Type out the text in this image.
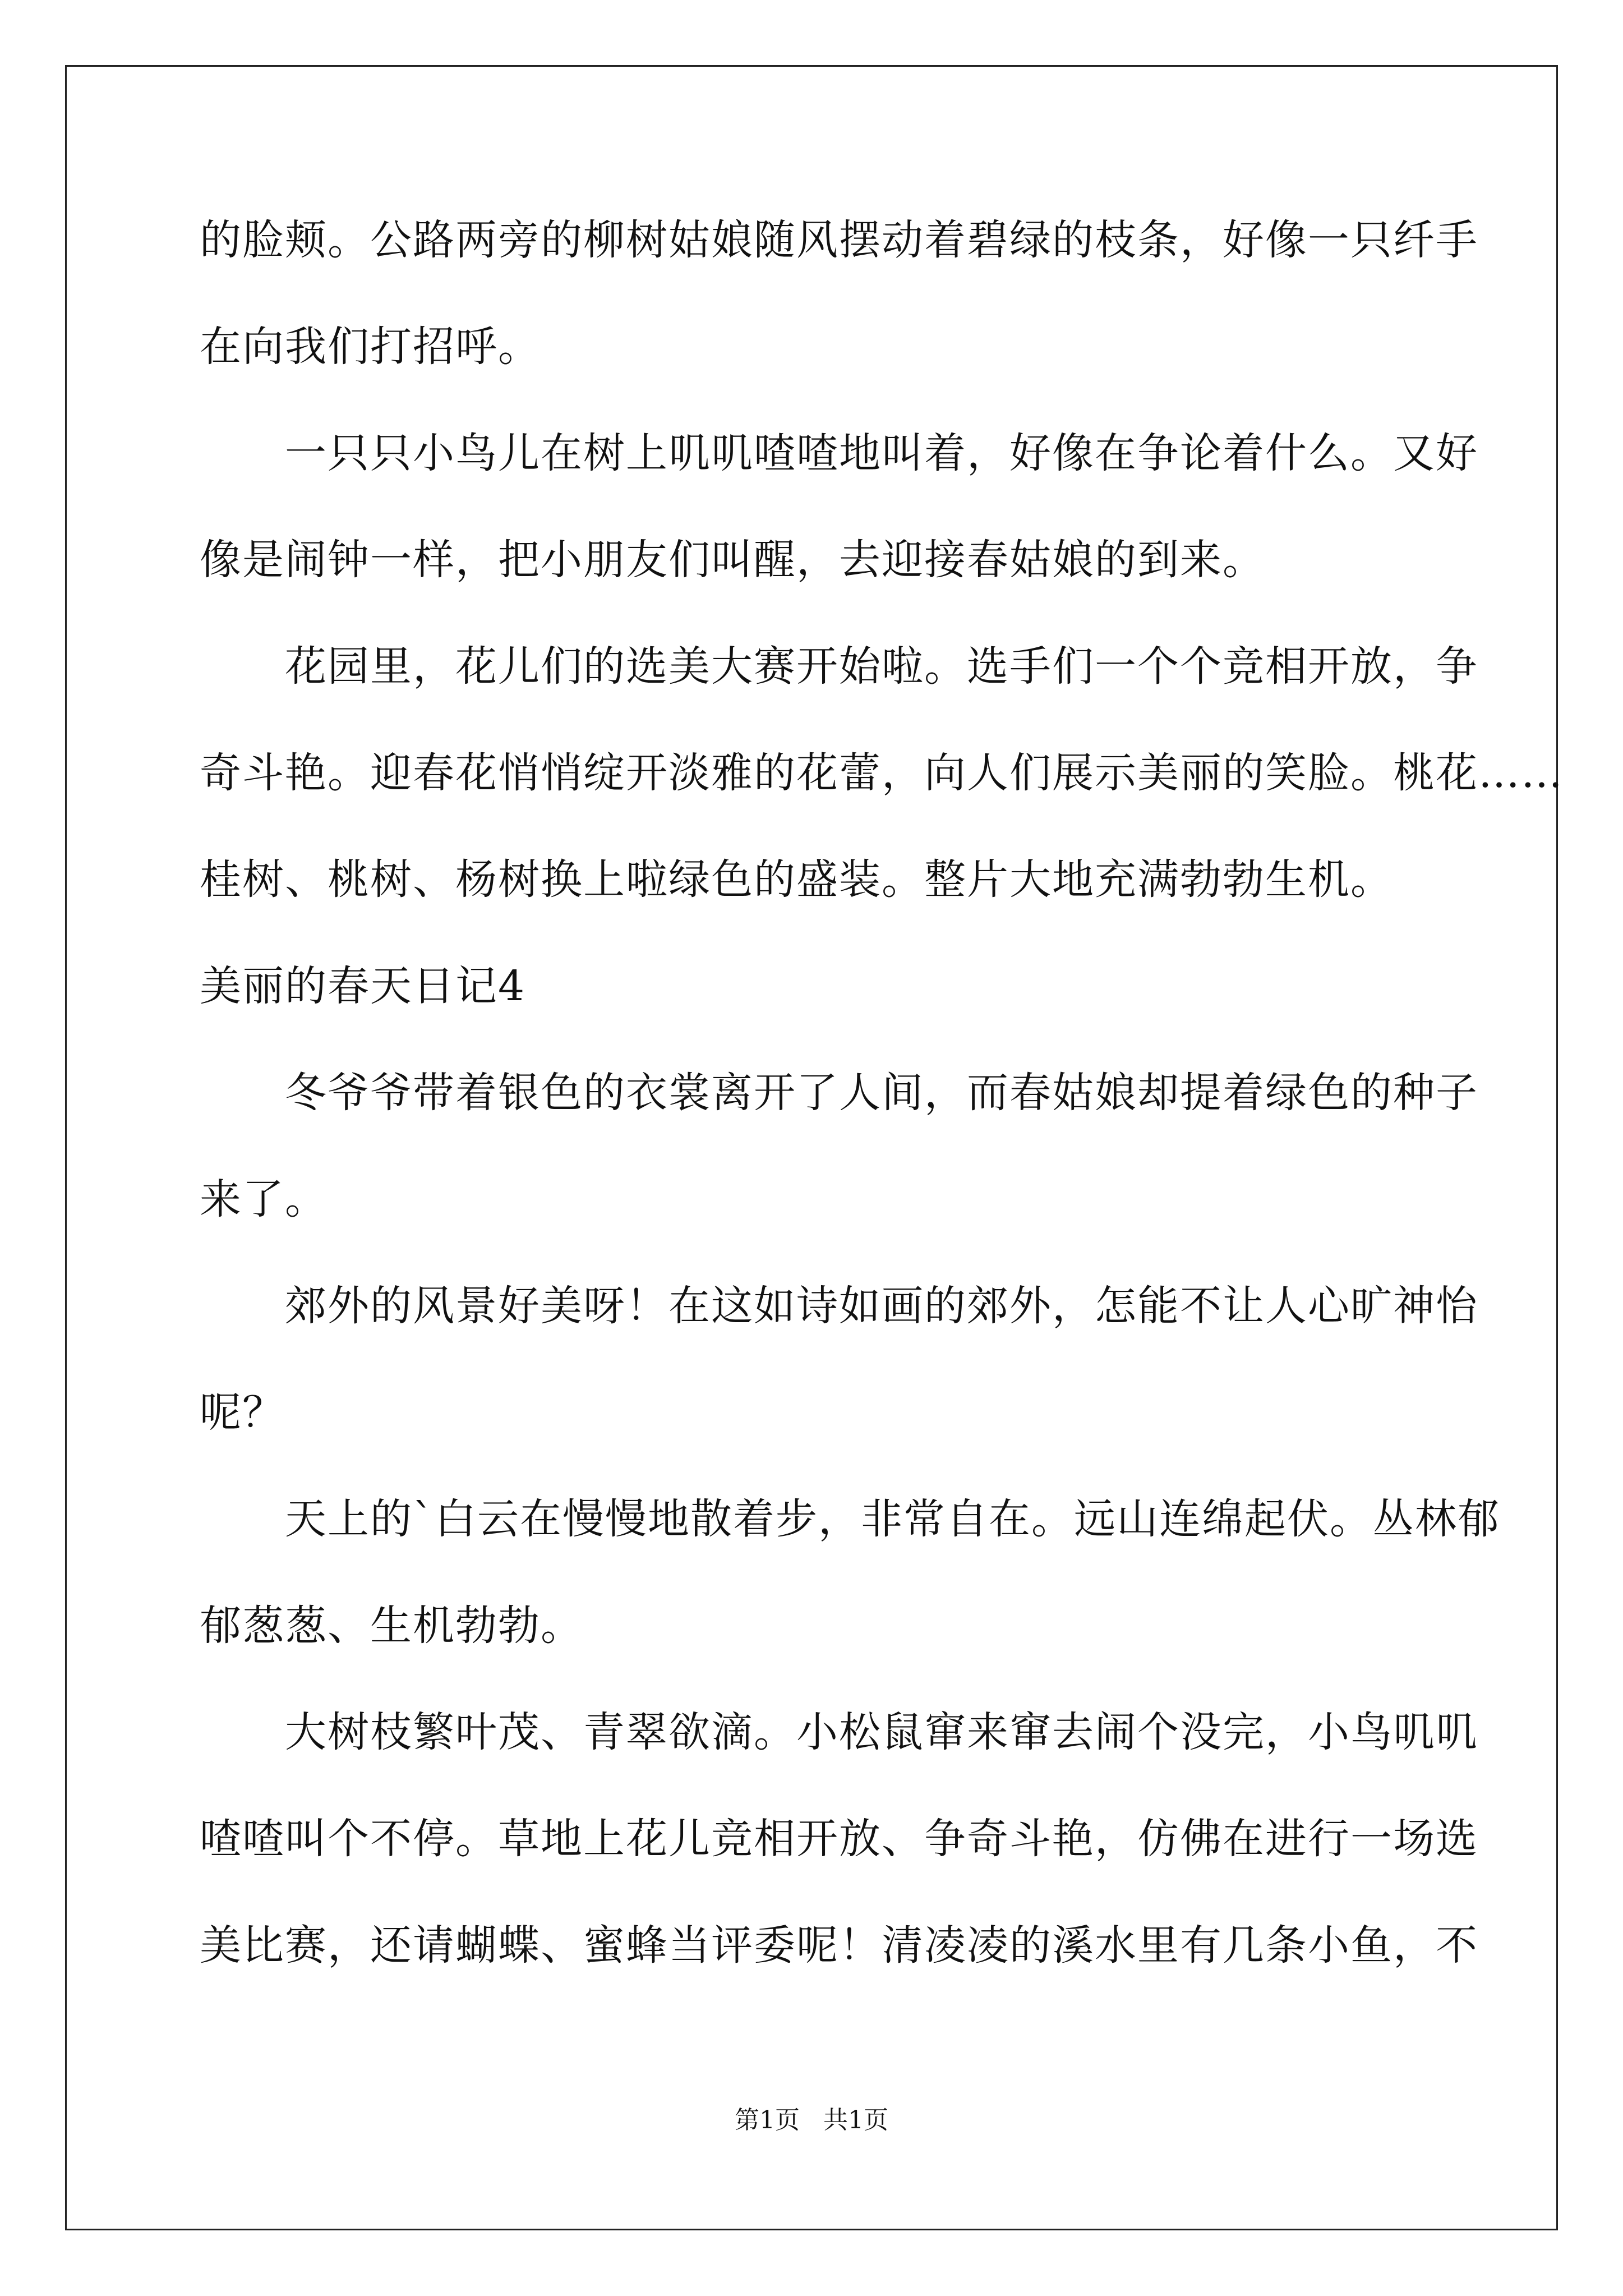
的脸颊。公路两旁的柳树姑娘随风摆动着碧绿的枝条，好像一只纤手
在向我们打招呼。
　　一只只小鸟儿在树上叽叽喳喳地叫着，好像在争论着什么。又好
像是闹钟一样，把小朋友们叫醒，去迎接春姑娘的到来。
　　花园里，花儿们的选美大赛开始啦。选手们一个个竞相开放，争
奇斗艳。迎春花悄悄绽开淡雅的花蕾，向人们展示美丽的笑脸。桃花……
桂树、桃树、杨树换上啦绿色的盛装。整片大地充满勃勃生机。
美丽的春天日记4
　　冬爷爷带着银色的衣裳离开了人间，而春姑娘却提着绿色的种子
来了。
　　郊外的风景好美呀！在这如诗如画的郊外，怎能不让人心旷神怡
呢？
　　天上的`白云在慢慢地散着步，非常自在。远山连绵起伏。丛林郁
郁葱葱、生机勃勃。
　　大树枝繁叶茂、青翠欲滴。小松鼠窜来窜去闹个没完，小鸟叽叽
喳喳叫个不停。草地上花儿竞相开放、争奇斗艳，仿佛在进行一场选
美比赛，还请蝴蝶、蜜蜂当评委呢！清凌凌的溪水里有几条小鱼，不
第1页   共1页
